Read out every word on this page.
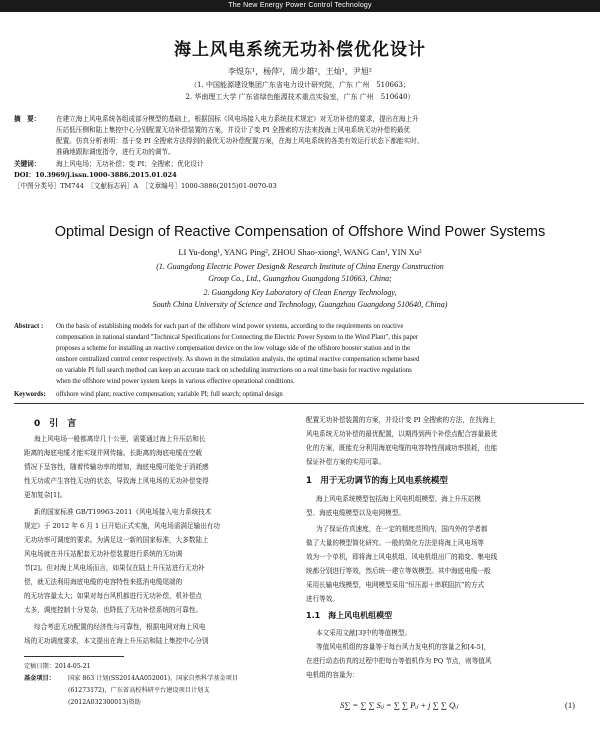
The New Energy Power Control Technology
海上风电系统无功补偿优化设计
李煜东¹，杨萍²，周少雄²，王灿¹，尹旭²
（1. 中国能源建设集团广东省电力设计研究院，广东 广州　510663；
2. 华南理工大学 广东省绿色能源技术重点实验室，广东 广州　510640）
摘　要： 在建立海上风电系统各组成部分模型的基础上，根据国标《风电场接入电力系统技术规定》对无功补偿的要求，提出在海上升
压站低压侧和陆上集控中心分别配置无功补偿装置的方案，并设计了变 PI 全搜索的方法来找海上风电系统无功补偿的最优
配置。仿真分析表明：基于变 PI 全搜索方法得到的最优无功补偿配置方案，在海上风电系统的各类有效运行状态下都能实时、
准确地跟踪调度指令，进行无功的调节。
关键词： 海上风电场；无功补偿；变 PI；全搜索；优化设计
DOI：10.3969/j.issn.1000-3886.2015.01.024
［中图分类号］TM744　［文献标志码］A　［文章编号］1000-3886(2015)01-0070-03
Optimal Design of Reactive Compensation of Offshore Wind Power Systems
LI Yu-dong¹, YANG Ping², ZHOU Shao-xiong², WANG Can¹, YIN Xu²
(1. Guangdong Electric Power Design& Research Institute of China Energy Construction
Group Co., Ltd., Guangzhou Guangdong 510663, China;
2. Guangdong Key Laboratory of Clean Energy Technology,
South China University of Science and Technology, Guangzhou Guangdong 510640, China)
Abstract : On the basis of establishing models for each part of the offshore wind power systems, according to the requirements on reactive
compensation in national standard "Technical Specifications for Connecting the Electric Power System to the Wind Plant", this paper
proposes a scheme for installing an reactive compensation device on the low voltage side of the offshore booster station and in the
onshore centralized control center respectively. As shown in the simulation analysis, the optimal reactive compensation scheme based
on variable PI full search method can keep an accurate track on scheduling instructions on a real time basis for reactive regulations
when the offshore wind power system keeps in various effective operational conditions.
Keywords: offshore wind plant; reactive compensation; variable PI; full search; optimal design
0　引　言
海上风电场一般都离岸几十公里，需要通过海上升压站和长
距离的海底电缆才能实现并网传输。长距离的海底电缆在空载
情况下呈容性，随着传输功率的增加，海底电缆可能处于消耗感
性无功或产生容性无功的状态，导致海上风电场的无功补偿变得
更加复杂[1]。
新的国家标准 GB/T19963-2011《风电场接入电力系统技术
规定》于 2012 年 6 月 1 日开始正式实施，风电场需满足输出有功
无功功率可调度的要求。为满足这一新的国家标准，大多数陆上
风电场就在升压站配套无功补偿装置进行系统的无功调
节[2]。但对海上风电场而言，如果仅在陆上升压站进行无功补
偿，就无法利用海底电缆的电容特性来抵消电缆尾端的
的无功容量太大；如果对每台风机都进行无功补偿，机补偿点
太多，调度控制十分复杂，也降低了无功补偿系统的可靠性。
综合考虑无功配置的经济性与可靠性，根据电网对海上风电
场的无功调度要求，本文提出在海上升压站和陆上集控中心分别
定稿日期：2014-05-21
基金项目： 国家 863 计划(SS2014AA052001)，国家自然科学基金项目
(61273172)，广东省高校科研平台建设项目计划支
(2012A032300013)资助
配置无功补偿装置的方案，并设计变 PI 全搜索的方法，在找海上
风电系统无功补偿的最优配置，以期得到两个补偿点配合容量最优
化的方案，既能充分利用海底电缆的电容特性削减功率损耗，也能
保证补偿方案的实用可靠。
1　用于无功调节的海上风电系统模型
海上风电系统模型包括海上风电机组模型、海上升压站模
型、海底电缆模型以及电网模型。
为了保证仿真速度，在一定的精度范围内，国内外的学者都
做了大量的模型简化研究。一般的简化方法是将海上风电场等
效为一个单机，即将海上风电机组、风电机组出厂的箱变、集电线
统都分别进行等效，然后统一建立等效模型。其中海底电缆一般
采用长输电线模型，电网模型采用“恒压源＋串联阻抗”的方式
进行等效。
1.1　海上风电机组模型
本文采用文献[3]中的等值模型。
等值风电机组的容量等于每台风力发电机的容量之和[4-5]，
在进行动态仿真的过程中把每台等值机作为 PQ 节点，则等值风
电机组的容量为：
S∑ = ∑ ∑ Sᵢⱼ = ∑ ∑ Pᵢⱼ + j ∑ ∑ Qᵢⱼ	(1)
